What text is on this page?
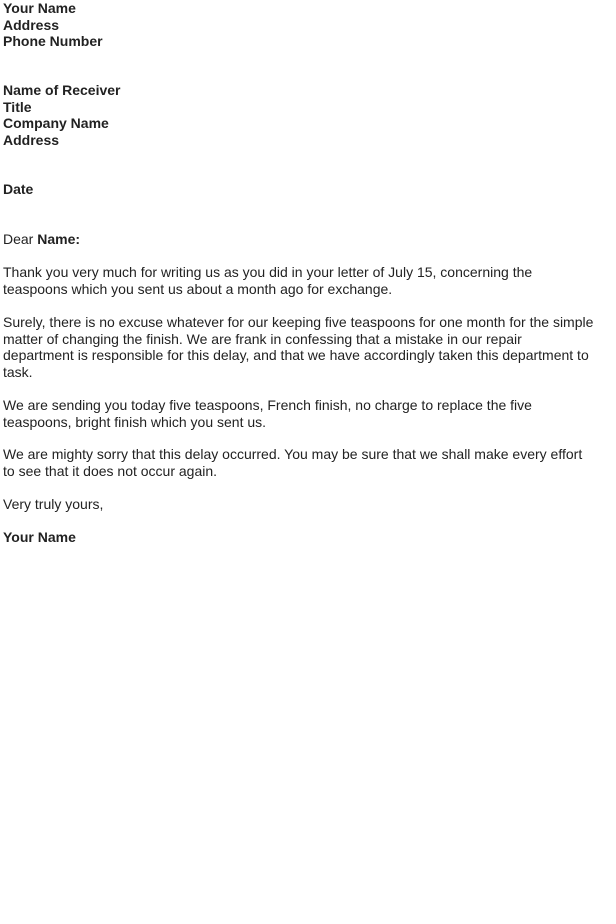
Your Name
Address
Phone Number
Name of Receiver
Title
Company Name
Address
Date
Dear Name:
Thank you very much for writing us as you did in your letter of July 15, concerning the
teaspoons which you sent us about a month ago for exchange.
Surely, there is no excuse whatever for our keeping five teaspoons for one month for the simple
matter of changing the finish. We are frank in confessing that a mistake in our repair
department is responsible for this delay, and that we have accordingly taken this department to
task.
We are sending you today five teaspoons, French finish, no charge to replace the five
teaspoons, bright finish which you sent us.
We are mighty sorry that this delay occurred. You may be sure that we shall make every effort
to see that it does not occur again.
Very truly yours,
Your Name
